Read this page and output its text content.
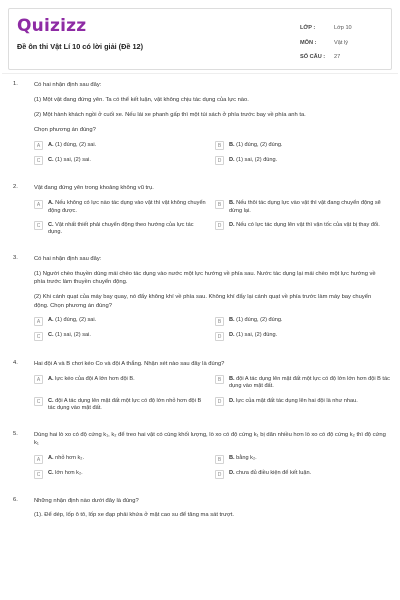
Quizizz
Đề ôn thi Vật Lí 10 có lời giải (Đề 12)
LỚP :	Lớp 10
MÔN :	Vật lý
SỐ CÂU :	27
1.	Có hai nhận định sau đây:
(1) Một vật đang đứng yên. Ta có thể kết luận, vật không chịu tác dụng của lực nào.
(2) Một hành khách ngồi ở cuối xe. Nếu lái xe phanh gấp thì một túi sách ở phía trước bay về phía anh ta.
Chọn phương án đúng?
A	A. (1) đúng, (2) sai.	B	B. (1) đúng, (2) đúng.
C	C. (1) sai, (2) sai.	D	D. (1) sai, (2) đúng.
2.	Vật đang đứng yên trong khoảng không vũ trụ.
A	A. Nếu không có lực nào tác dụng vào vật thì vật không chuyển động được.
B	B. Nếu thôi tác dụng lực vào vật thì vật đang chuyển động sẽ dừng lại.
C	C. Vật nhất thiết phải chuyển động theo hướng của lực tác dụng.
D	D. Nếu có lực tác dụng lên vật thì vận tốc của vật bị thay đổi.
3.	Có hai nhận định sau đây:
(1) Người chèo thuyền dùng mái chèo tác dụng vào nước một lực hướng về phía sau. Nước tác dụng lại mái chèo một lực hướng về phía trước làm thuyền chuyển động.
(2) Khi cánh quạt của máy bay quay, nó đẩy không khí về phía sau. Không khí đẩy lại cánh quạt về phía trước làm máy bay chuyển động. Chọn phương án đúng?
A	A. (1) đúng, (2) sai.	B	B. (1) đúng, (2) đúng.
C	C. (1) sai, (2) sai.	D	D. (1) sai, (2) đúng.
4.	Hai đội A và B chơi kéo Co và đội A thắng. Nhận xét nào sau đây là đúng?
A	A. lực kéo của đội A lớn hơn đội B.	B	B. đội A tác dụng lên mặt đất một lực có độ lớn lớn hơn đội B tác dụng vào mặt đất.
C	C. đội A tác dụng lên mặt đất một lực có độ lớn nhỏ hơn đội B tác dụng vào mặt đất.
D	D. lực của mặt đất tác dụng lên hai đội là như nhau.
5.	Dùng hai lò xo có độ cứng k₁, k₂ để treo hai vật có cùng khối lượng, lò xo có độ cứng k₁ bị dãn nhiều hơn lò xo có độ cứng k₂ thì độ cứng k₁
A	A. nhỏ hơn k₂.	B	B. bằng k₂.
C	C. lớn hơn k₂.	D	D. chưa đủ điều kiện để kết luận.
6.	Những nhận định nào dưới đây là đúng?
(1). Để dép, lốp ô tô, lốp xe đạp phải khứa ở mặt cao su để tăng ma sát trượt.
